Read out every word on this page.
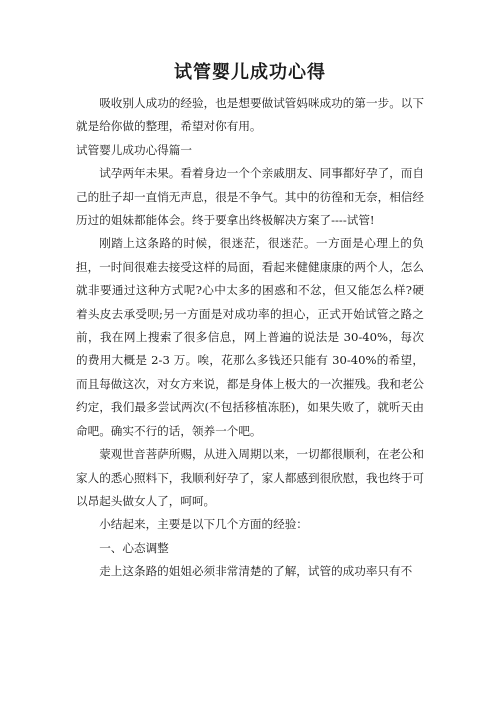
试管婴儿成功心得

吸收别人成功的经验，也是想要做试管妈咪成功的第一步。以下就是给你做的整理，希望对你有用。

试管婴儿成功心得篇一

试孕两年未果。看着身边一个个亲戚朋友、同事都好孕了，而自己的肚子却一直悄无声息，很是不争气。其中的彷徨和无奈，相信经历过的姐妹都能体会。终于要拿出终极解决方案了----试管!

刚踏上这条路的时候，很迷茫，很迷茫。一方面是心理上的负担，一时间很难去接受这样的局面，看起来健健康康的两个人，怎么就非要通过这种方式呢?心中太多的困惑和不忿，但又能怎么样?硬着头皮去承受呗;另一方面是对成功率的担心，正式开始试管之路之前，我在网上搜索了很多信息，网上普遍的说法是 30-40%，每次的费用大概是 2-3 万。唉，花那么多钱还只能有 30-40%的希望，而且每做这次，对女方来说，都是身体上极大的一次摧残。我和老公约定，我们最多尝试两次(不包括移植冻胚)，如果失败了，就听天由命吧。确实不行的话，领养一个吧。

蒙观世音菩萨所赐，从进入周期以来，一切都很顺利，在老公和家人的悉心照料下，我顺利好孕了，家人都感到很欣慰，我也终于可以昂起头做女人了，呵呵。

小结起来，主要是以下几个方面的经验：

一、心态调整

走上这条路的姐姐必须非常清楚的了解，试管的成功率只有不
